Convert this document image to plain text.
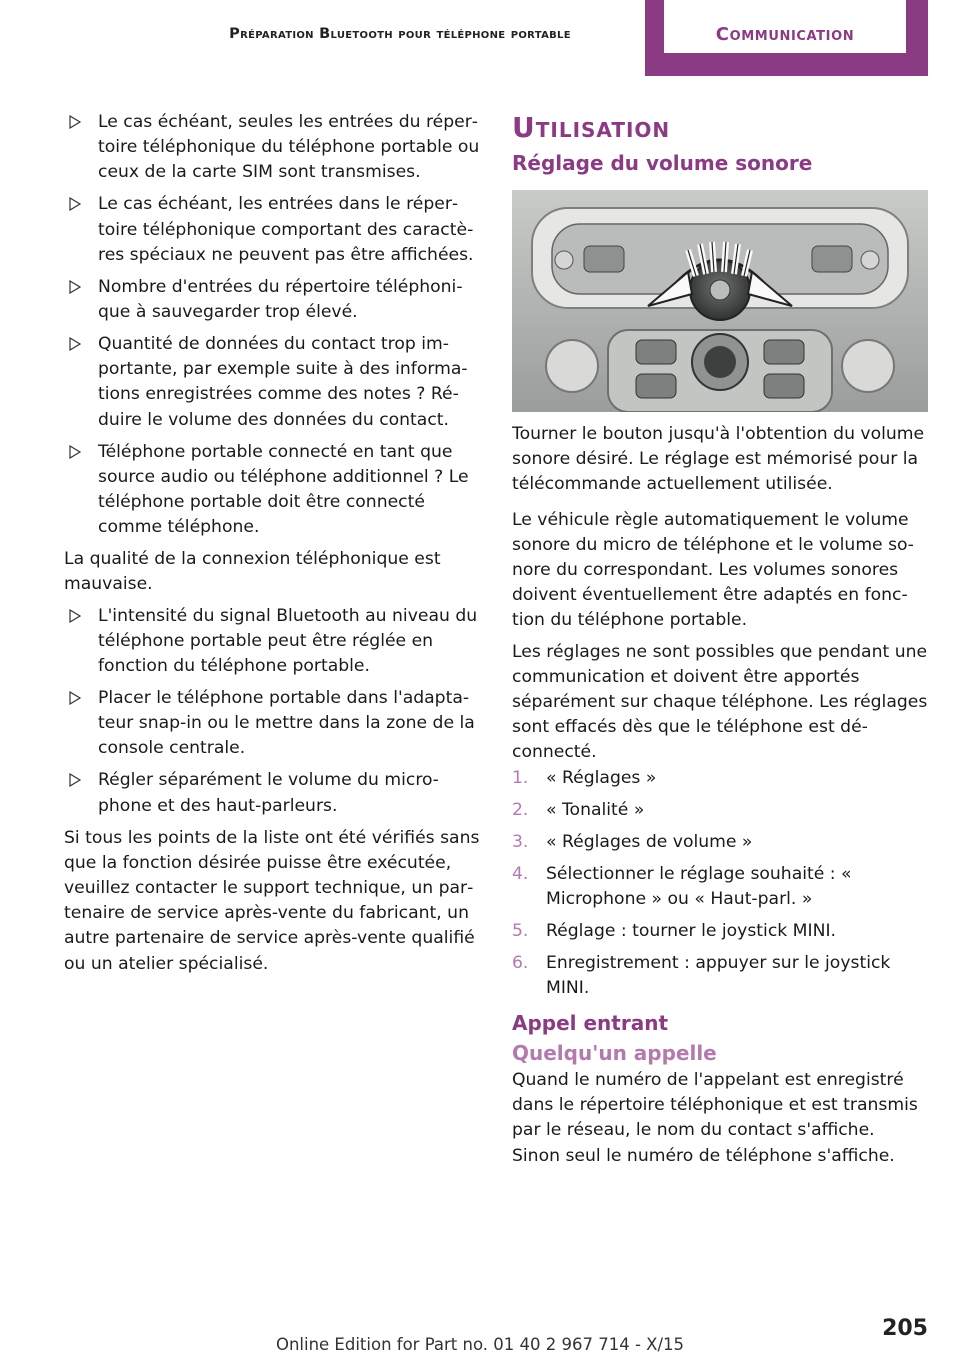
Préparation Bluetooth pour téléphone portable	Communication
Le cas échéant, seules les entrées du répertoire téléphonique du téléphone portable ou ceux de la carte SIM sont transmises.
Le cas échéant, les entrées dans le répertoire téléphonique comportant des caractères spéciaux ne peuvent pas être affichées.
Nombre d'entrées du répertoire téléphonique à sauvegarder trop élevé.
Quantité de données du contact trop importante, par exemple suite à des informations enregistrées comme des notes ? Réduire le volume des données du contact.
Téléphone portable connecté en tant que source audio ou téléphone additionnel ? Le téléphone portable doit être connecté comme téléphone.

La qualité de la connexion téléphonique est mauvaise.

L'intensité du signal Bluetooth au niveau du téléphone portable peut être réglée en fonction du téléphone portable.
Placer le téléphone portable dans l'adaptateur snap-in ou le mettre dans la zone de la console centrale.
Régler séparément le volume du microphone et des haut-parleurs.

Si tous les points de la liste ont été vérifiés sans que la fonction désirée puisse être exécutée, veuillez contacter le support technique, un partenaire de service après-vente du fabricant, un autre partenaire de service après-vente qualifié ou un atelier spécialisé.

Utilisation
Réglage du volume sonore

Tourner le bouton jusqu'à l'obtention du volume sonore désiré. Le réglage est mémorisé pour la télécommande actuellement utilisée.

Le véhicule règle automatiquement le volume sonore du micro de téléphone et le volume sonore du correspondant. Les volumes sonores doivent éventuellement être adaptés en fonction du téléphone portable.

Les réglages ne sont possibles que pendant une communication et doivent être apportés séparément sur chaque téléphone. Les réglages sont effacés dès que le téléphone est déconnecté.

1. « Réglages »
2. « Tonalité »
3. « Réglages de volume »
4. Sélectionner le réglage souhaité : « Microphone » ou « Haut-parl. »
5. Réglage : tourner le joystick MINI.
6. Enregistrement : appuyer sur le joystick MINI.
Appel entrant
Quelqu'un appelle

Quand le numéro de l'appelant est enregistré dans le répertoire téléphonique et est transmis par le réseau, le nom du contact s'affiche. Sinon seul le numéro de téléphone s'affiche.

205
Online Edition for Part no. 01 40 2 967 714 - X/15
